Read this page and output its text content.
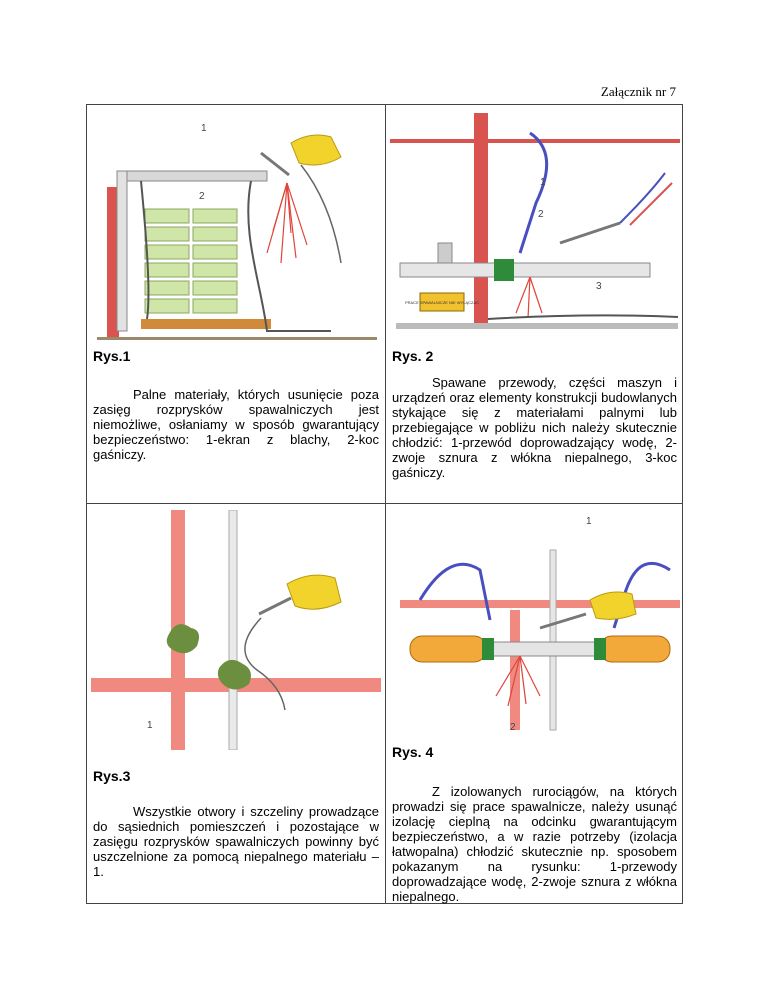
Załącznik nr 7
1
2
Rys.1
Palne materiały, których usunięcie poza zasięg rozprysków spawalniczych jest niemożliwe, osłaniamy w sposób gwarantujący bezpieczeństwo: 1-ekran z blachy, 2-koc gaśniczy.
PRACE SPAWALNICZE NIE WYŁĄCZAĆ
1
2
3
Rys. 2
Spawane przewody, części maszyn i urządzeń oraz elementy konstrukcji budowlanych stykające się z materiałami palnymi lub przebiegające w pobliżu nich należy skutecznie chłodzić: 1-przewód doprowadzający wodę, 2-zwoje sznura z włókna niepalnego, 3-koc gaśniczy.
1
Rys.3
Wszystkie otwory i szczeliny prowadzące do sąsiednich pomieszczeń i pozostające w zasięgu rozprysków spawalniczych powinny być uszczelnione za pomocą niepalnego materiału – 1.
1
2
Rys. 4
Z izolowanych rurociągów, na których prowadzi się prace spawalnicze, należy usunąć izolację cieplną na odcinku gwarantującym bezpieczeństwo, a w razie potrzeby (izolacja łatwopalna) chłodzić skutecznie np. sposobem pokazanym na rysunku: 1-przewody doprowadzające wodę, 2-zwoje sznura z włókna niepalnego.
